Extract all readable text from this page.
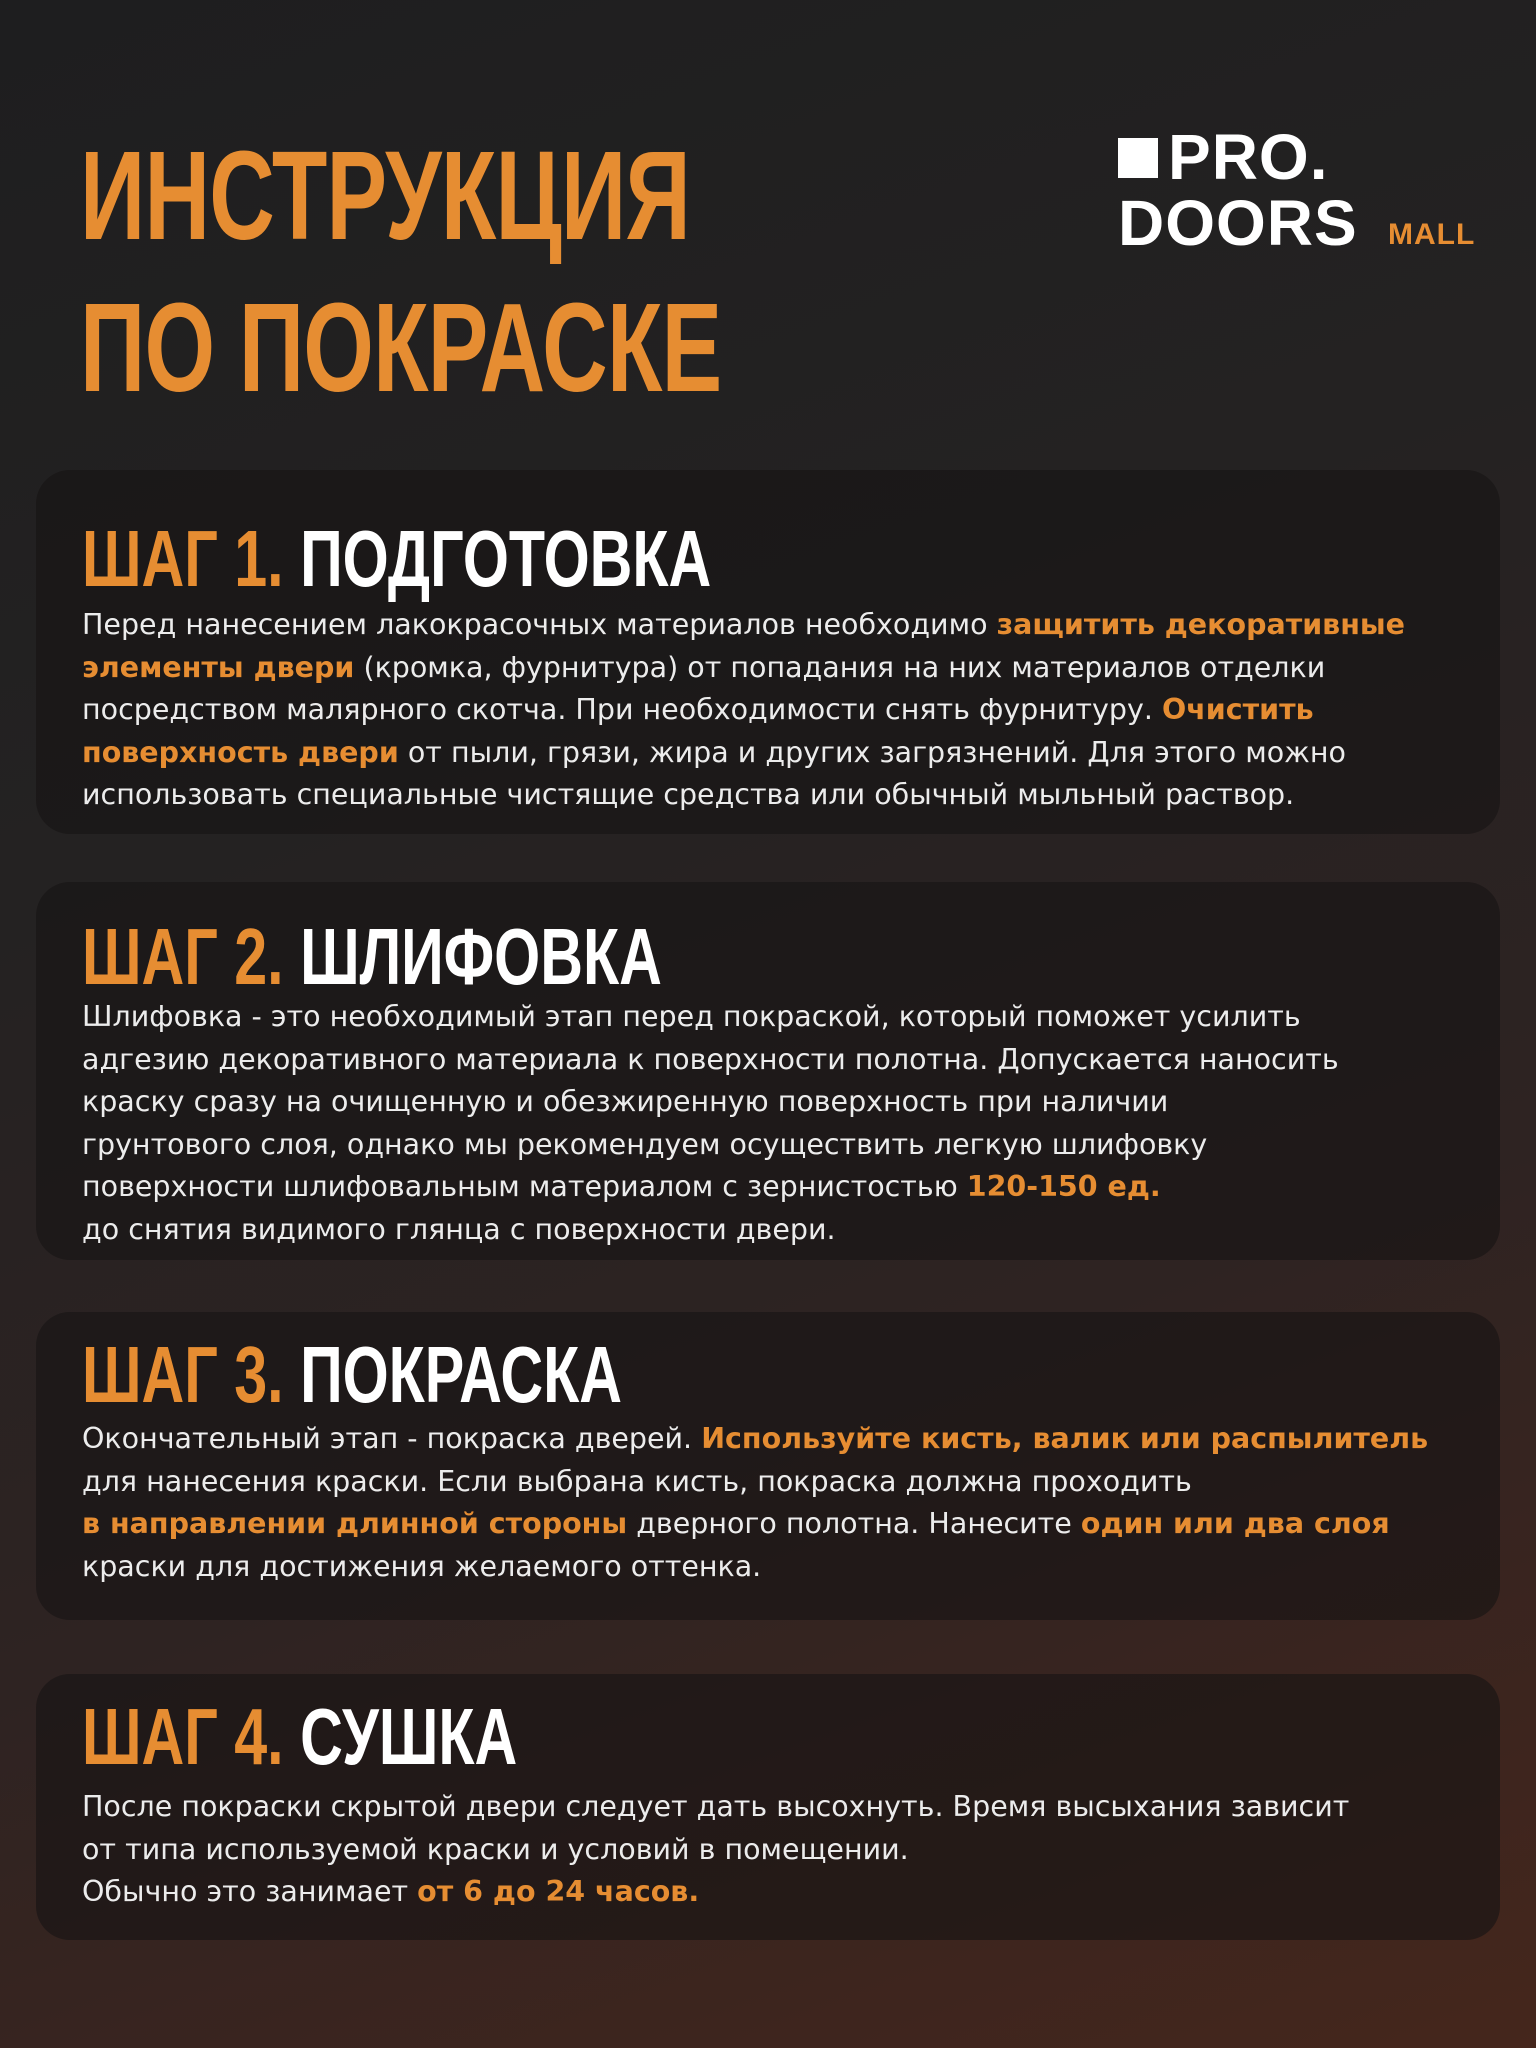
ИНСТРУКЦИЯ
ПО ПОКРАСКЕ
PRO.
DOORS MALL
ШАГ 1. ПОДГОТОВКА

Перед нанесением лакокрасочных материалов необходимо защитить декоративные
элементы двери (кромка, фурнитура) от попадания на них материалов отделки
посредством малярного скотча. При необходимости снять фурнитуру. Очистить
поверхность двери от пыли, грязи, жира и других загрязнений. Для этого можно
использовать специальные чистящие средства или обычный мыльный раствор.

ШАГ 2. ШЛИФОВКА

Шлифовка - это необходимый этап перед покраской, который поможет усилить
адгезию декоративного материала к поверхности полотна. Допускается наносить
краску сразу на очищенную и обезжиренную поверхность при наличии
грунтового слоя, однако мы рекомендуем осуществить легкую шлифовку
поверхности шлифовальным материалом с зернистостью 120-150 ед.
до снятия видимого глянца с поверхности двери.

ШАГ 3. ПОКРАСКА

Окончательный этап - покраска дверей. Используйте кисть, валик или распылитель
для нанесения краски. Если выбрана кисть, покраска должна проходить
в направлении длинной стороны дверного полотна. Нанесите один или два слоя
краски для достижения желаемого оттенка.

ШАГ 4. СУШКА

После покраски скрытой двери следует дать высохнуть. Время высыхания зависит
от типа используемой краски и условий в помещении.
Обычно это занимает от 6 до 24 часов.
